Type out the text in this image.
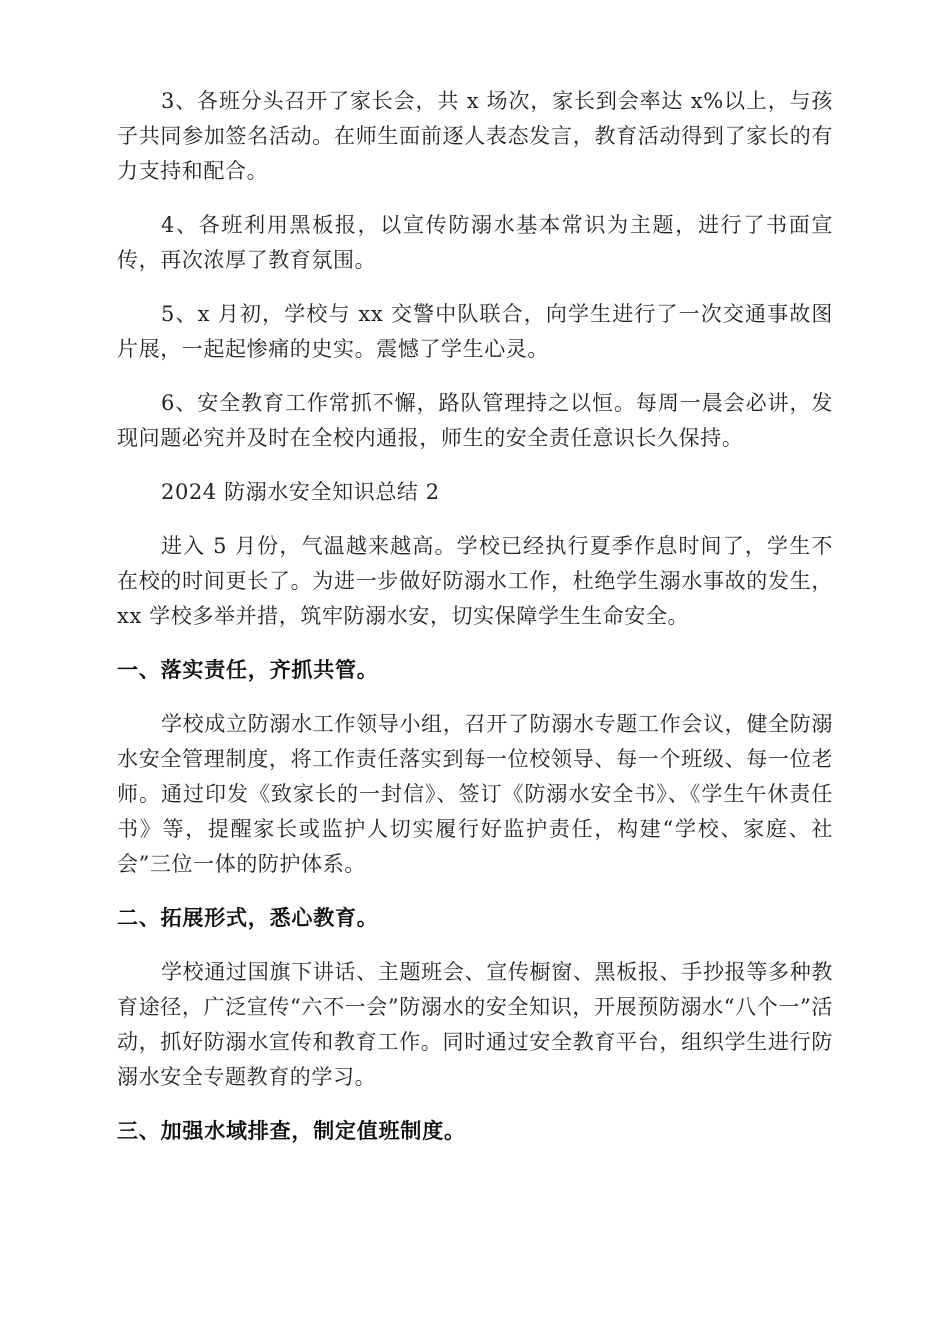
3、各班分头召开了家长会，共 x 场次，家长到会率达 x%以上，与孩子共同参加签名活动。在师生面前逐人表态发言，教育活动得到了家长的有力支持和配合。

4、各班利用黑板报，以宣传防溺水基本常识为主题，进行了书面宣传，再次浓厚了教育氛围。

5、x 月初，学校与 xx 交警中队联合，向学生进行了一次交通事故图片展，一起起惨痛的史实。震憾了学生心灵。

6、安全教育工作常抓不懈，路队管理持之以恒。每周一晨会必讲，发现问题必究并及时在全校内通报，师生的安全责任意识长久保持。

2024 防溺水安全知识总结 2

进入 5 月份，气温越来越高。学校已经执行夏季作息时间了，学生不在校的时间更长了。为进一步做好防溺水工作，杜绝学生溺水事故的发生，xx 学校多举并措，筑牢防溺水安，切实保障学生生命安全。

一、落实责任，齐抓共管。

学校成立防溺水工作领导小组，召开了防溺水专题工作会议，健全防溺水安全管理制度，将工作责任落实到每一位校领导、每一个班级、每一位老师。通过印发《致家长的一封信》、签订《防溺水安全书》、《学生午休责任书》等，提醒家长或监护人切实履行好监护责任，构建“学校、家庭、社会”三位一体的防护体系。

二、拓展形式，悉心教育。

学校通过国旗下讲话、主题班会、宣传橱窗、黑板报、手抄报等多种教育途径，广泛宣传“六不一会”防溺水的安全知识，开展预防溺水“八个一”活动，抓好防溺水宣传和教育工作。同时通过安全教育平台，组织学生进行防溺水安全专题教育的学习。

三、加强水域排查，制定值班制度。
